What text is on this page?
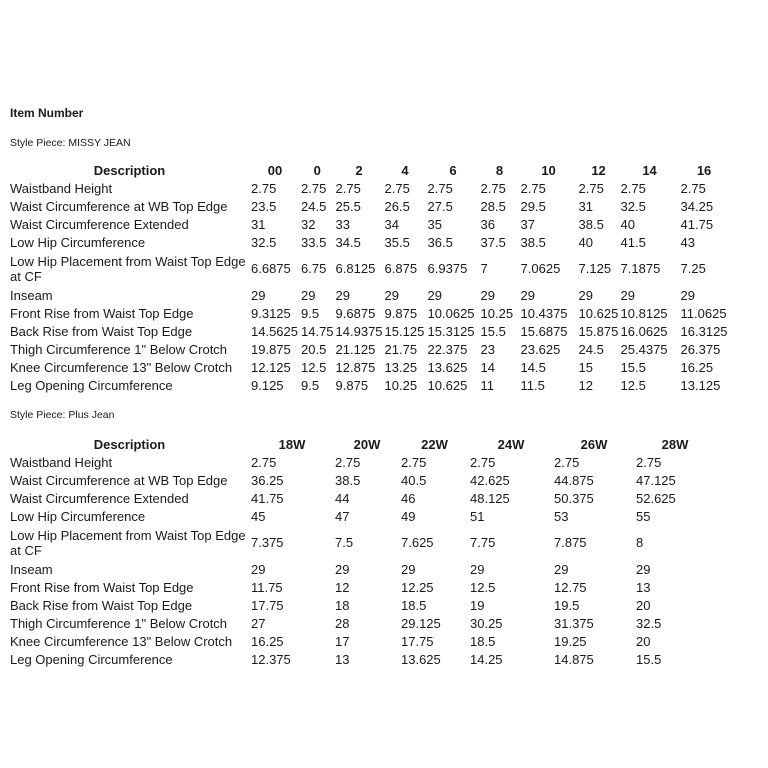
Item Number
Style Piece: MISSY JEAN
Description	00	0	2	4	6	8	10	12	14	16
Waistband Height	2.75	2.75	2.75	2.75	2.75	2.75	2.75	2.75	2.75	2.75
Waist Circumference at WB Top Edge	23.5	24.5	25.5	26.5	27.5	28.5	29.5	31	32.5	34.25
Waist Circumference Extended	31	32	33	34	35	36	37	38.5	40	41.75
Low Hip Circumference	32.5	33.5	34.5	35.5	36.5	37.5	38.5	40	41.5	43
Low Hip Placement from Waist Top Edge at CF	6.6875	6.75	6.8125	6.875	6.9375	7	7.0625	7.125	7.1875	7.25
Inseam	29	29	29	29	29	29	29	29	29	29
Front Rise from Waist Top Edge	9.3125	9.5	9.6875	9.875	10.0625	10.25	10.4375	10.625	10.8125	11.0625
Back Rise from Waist Top Edge	14.5625	14.75	14.9375	15.125	15.3125	15.5	15.6875	15.875	16.0625	16.3125
Thigh Circumference 1" Below Crotch	19.875	20.5	21.125	21.75	22.375	23	23.625	24.5	25.4375	26.375
Knee Circumference 13" Below Crotch	12.125	12.5	12.875	13.25	13.625	14	14.5	15	15.5	16.25
Leg Opening Circumference	9.125	9.5	9.875	10.25	10.625	11	11.5	12	12.5	13.125
Style Piece: Plus Jean
Description	18W	20W	22W	24W	26W	28W
Waistband Height	2.75	2.75	2.75	2.75	2.75	2.75
Waist Circumference at WB Top Edge	36.25	38.5	40.5	42.625	44.875	47.125
Waist Circumference Extended	41.75	44	46	48.125	50.375	52.625
Low Hip Circumference	45	47	49	51	53	55
Low Hip Placement from Waist Top Edge at CF	7.375	7.5	7.625	7.75	7.875	8
Inseam	29	29	29	29	29	29
Front Rise from Waist Top Edge	11.75	12	12.25	12.5	12.75	13
Back Rise from Waist Top Edge	17.75	18	18.5	19	19.5	20
Thigh Circumference 1" Below Crotch	27	28	29.125	30.25	31.375	32.5
Knee Circumference 13" Below Crotch	16.25	17	17.75	18.5	19.25	20
Leg Opening Circumference	12.375	13	13.625	14.25	14.875	15.5
